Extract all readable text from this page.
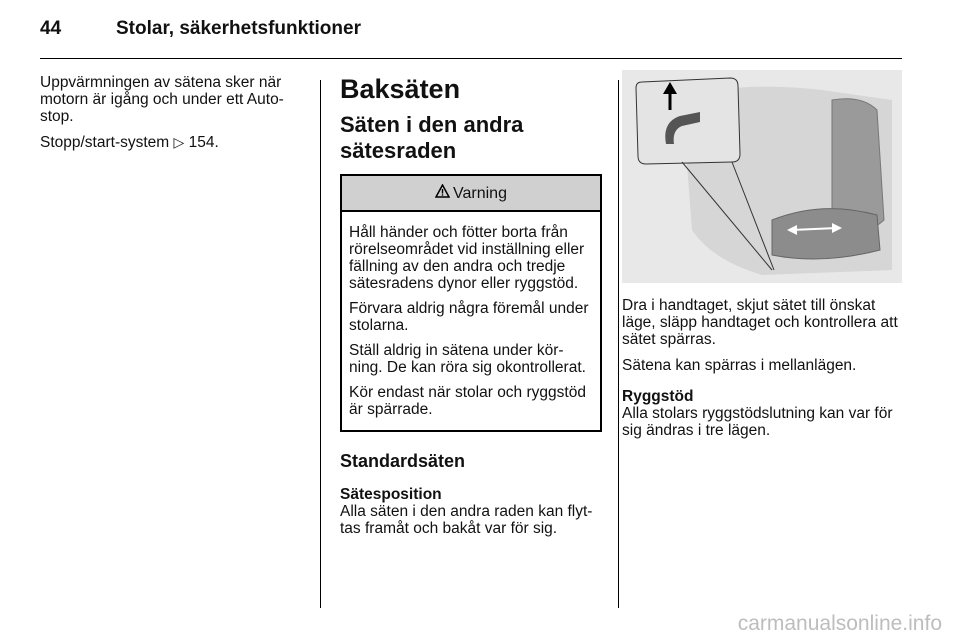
44	Stolar, säkerhetsfunktioner

Uppvärmningen av sätena sker när motorn är igång och under ett Auto-stop.

Stopp/start-system ▷ 154.

Baksäten
Säten i den andra sätesraden
Varning

Håll händer och fötter borta från rörelseområdet vid inställning eller fällning av den andra och tredje sätesradens dynor eller ryggstöd.

Förvara aldrig några föremål under stolarna.

Ställ aldrig in sätena under kör-ning. De kan röra sig okontrollerat.

Kör endast när stolar och ryggstöd är spärrade.

Standardsäten
Sätesposition

Alla säten i den andra raden kan flyt-tas framåt och bakåt var för sig.

Dra i handtaget, skjut sätet till önskat läge, släpp handtaget och kontrollera att sätet spärras.

Sätena kan spärras i mellanlägen.

Ryggstöd

Alla stolars ryggstödslutning kan var för sig ändras i tre lägen.

carmanualsonline.info
